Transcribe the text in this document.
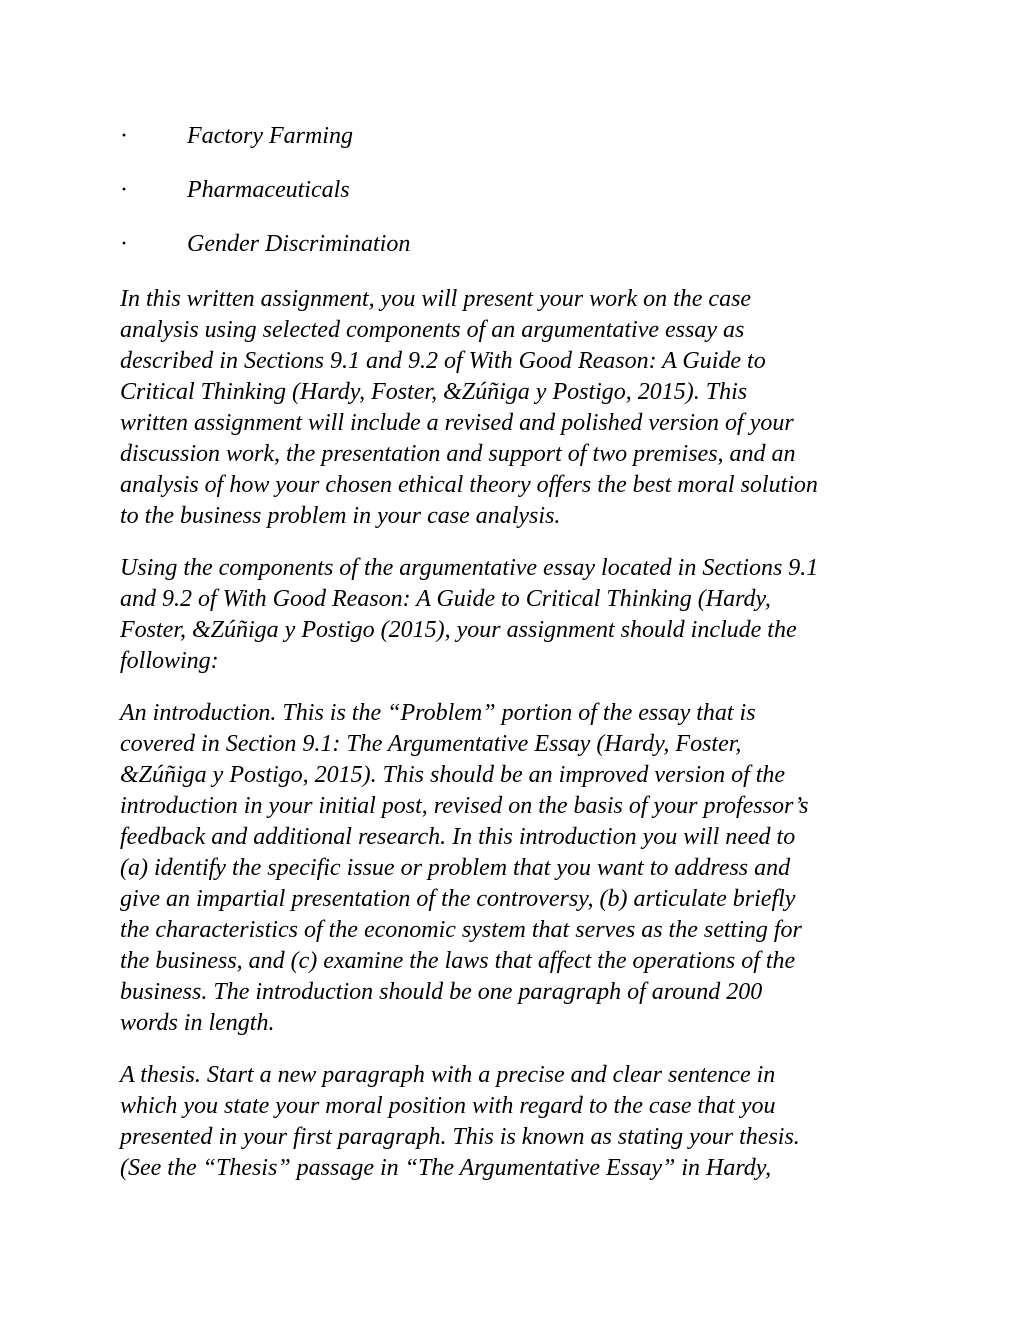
· Factory Farming
· Pharmaceuticals
· Gender Discrimination

In this written assignment, you will present your work on the case
analysis using selected components of an argumentative essay as
described in Sections 9.1 and 9.2 of With Good Reason: A Guide to
Critical Thinking (Hardy, Foster, &Zúñiga y Postigo, 2015). This
written assignment will include a revised and polished version of your
discussion work, the presentation and support of two premises, and an
analysis of how your chosen ethical theory offers the best moral solution
to the business problem in your case analysis.

Using the components of the argumentative essay located in Sections 9.1
and 9.2 of With Good Reason: A Guide to Critical Thinking (Hardy,
Foster, &Zúñiga y Postigo (2015), your assignment should include the
following:

An introduction. This is the “Problem” portion of the essay that is
covered in Section 9.1: The Argumentative Essay (Hardy, Foster,
&Zúñiga y Postigo, 2015). This should be an improved version of the
introduction in your initial post, revised on the basis of your professor’s
feedback and additional research. In this introduction you will need to
(a) identify the specific issue or problem that you want to address and
give an impartial presentation of the controversy, (b) articulate briefly
the characteristics of the economic system that serves as the setting for
the business, and (c) examine the laws that affect the operations of the
business. The introduction should be one paragraph of around 200
words in length.

A thesis. Start a new paragraph with a precise and clear sentence in
which you state your moral position with regard to the case that you
presented in your first paragraph. This is known as stating your thesis.
(See the “Thesis” passage in “The Argumentative Essay” in Hardy,
